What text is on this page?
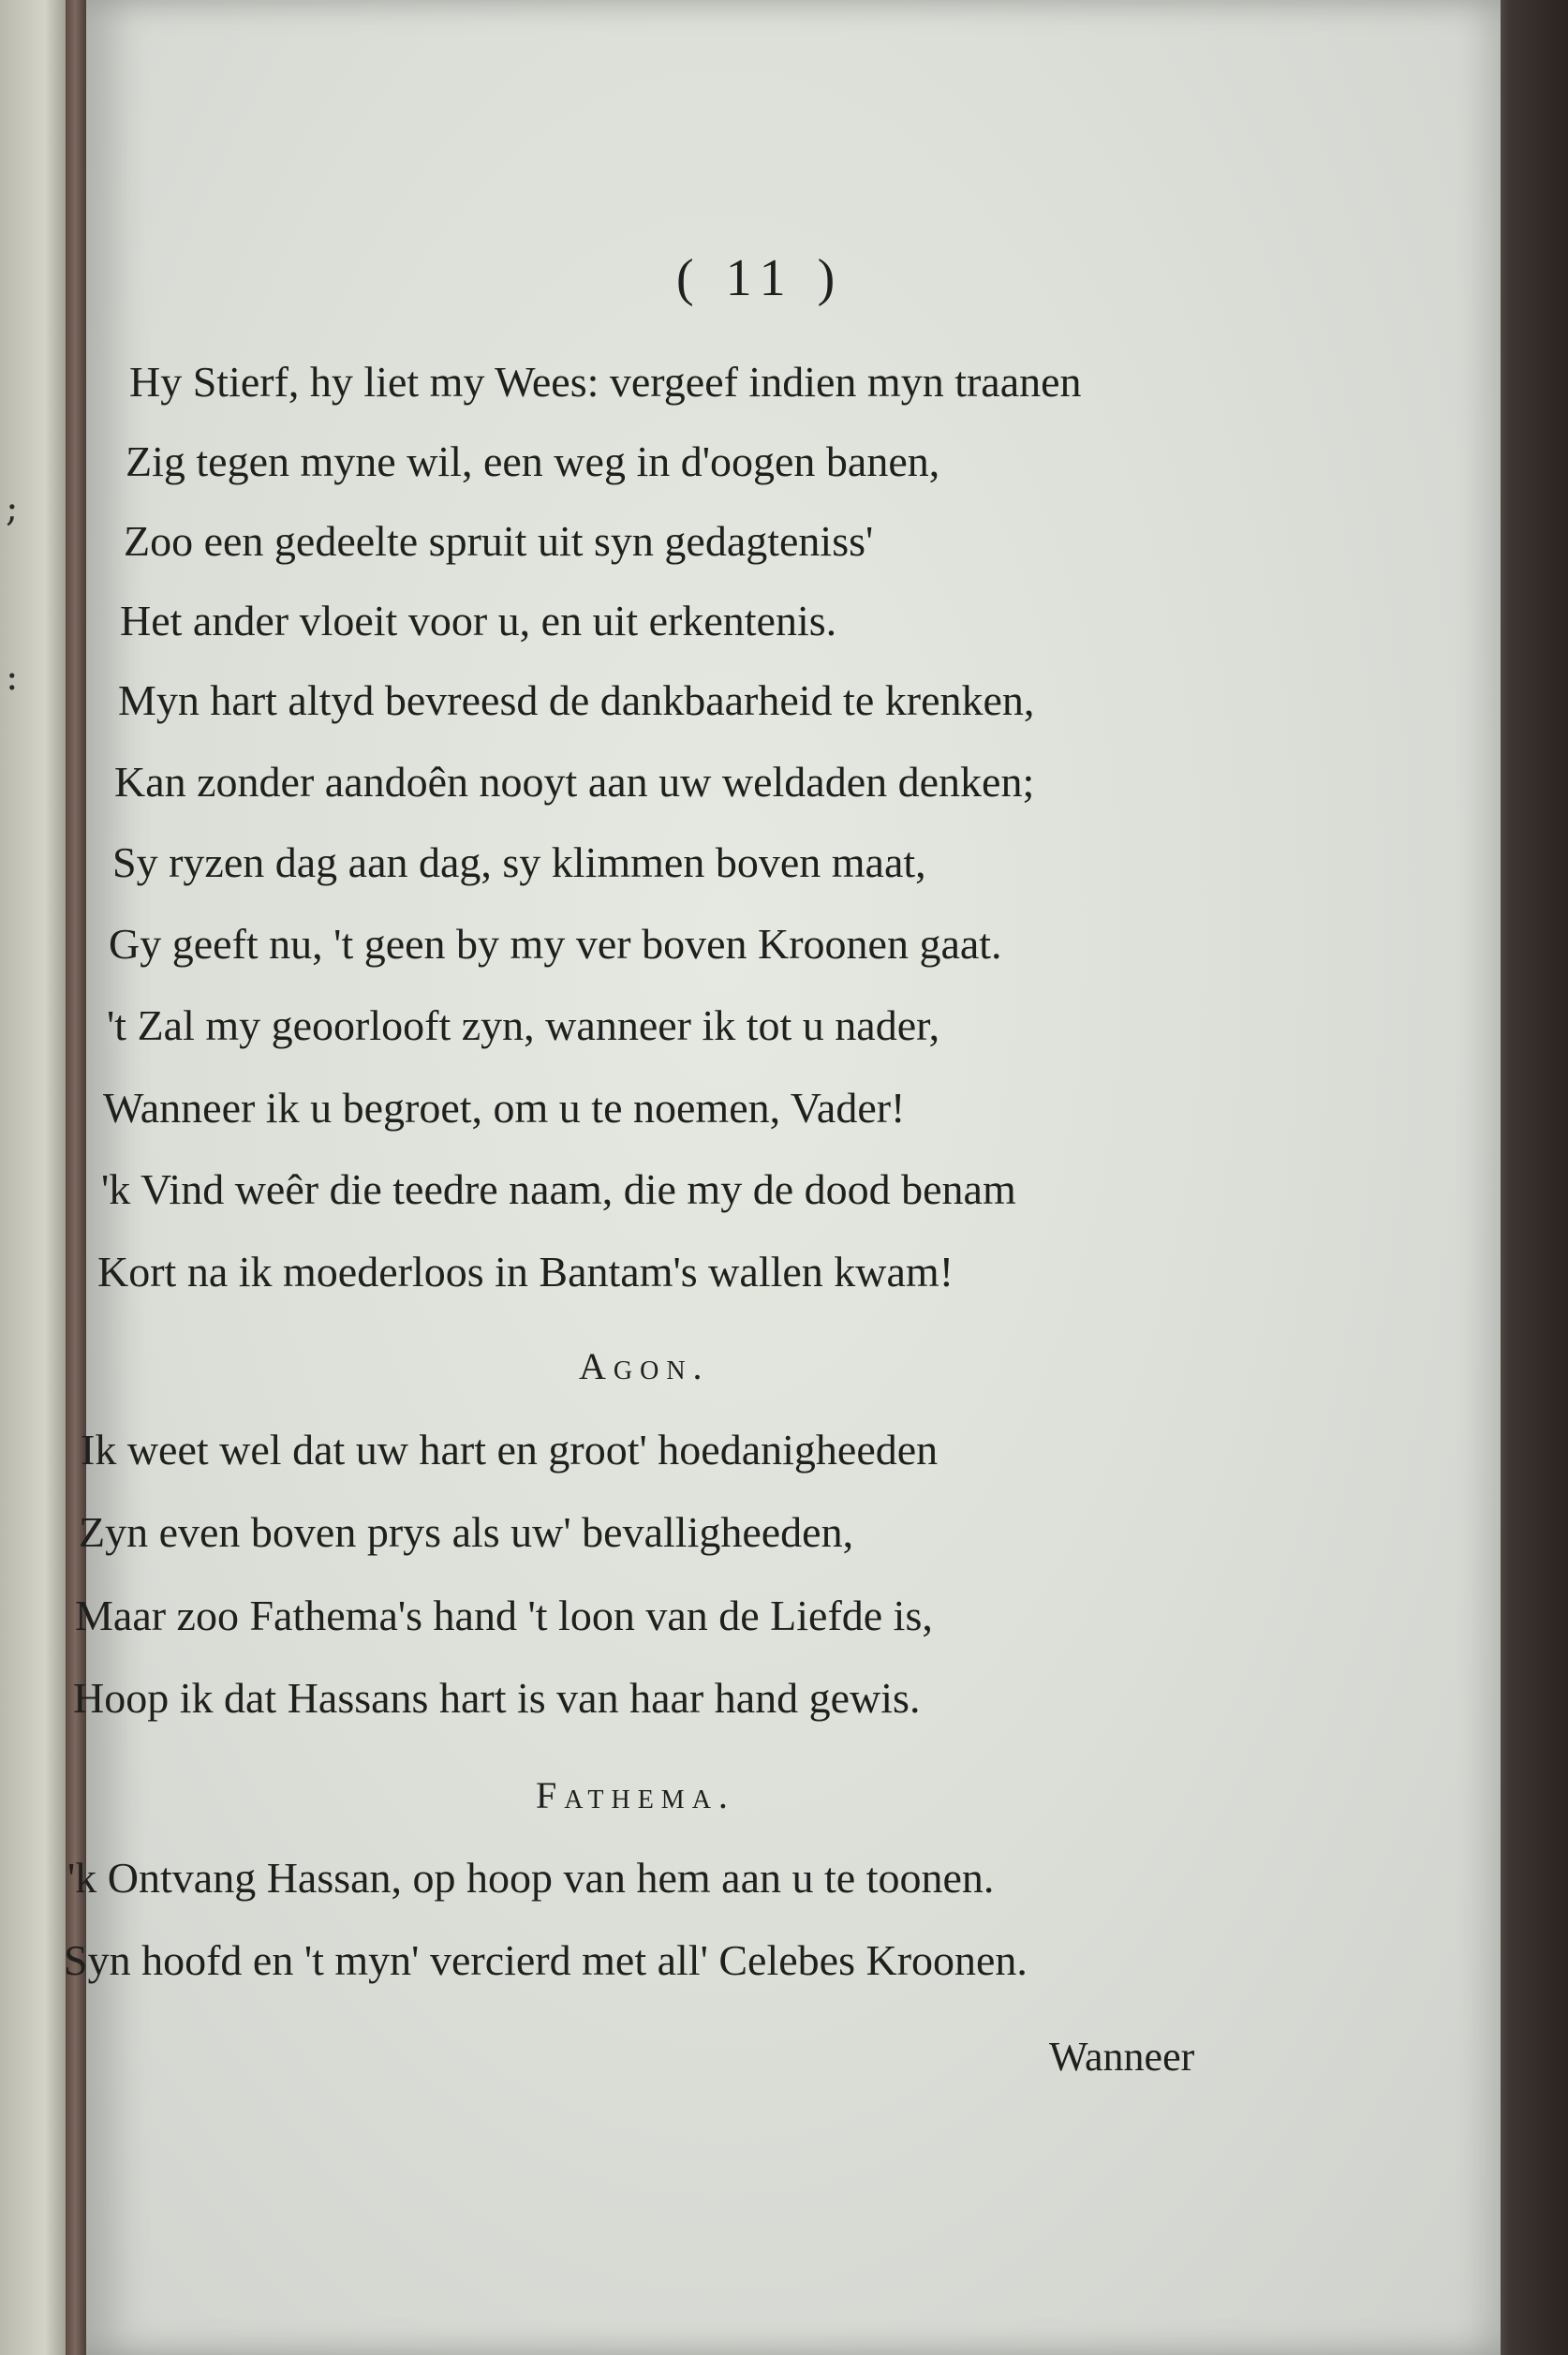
;
:
( 11 )
Hy Stierf, hy liet my Wees: vergeef indien myn traanen
Zig tegen myne wil, een weg in d'oogen banen,
Zoo een gedeelte spruit uit syn gedagteniss'
Het ander vloeit voor u, en uit erkentenis.
Myn hart altyd bevreesd de dankbaarheid te krenken,
Kan zonder aandoên nooyt aan uw weldaden denken;
Sy ryzen dag aan dag, sy klimmen boven maat,
Gy geeft nu, 't geen by my ver boven Kroonen gaat.
't Zal my geoorlooft zyn, wanneer ik tot u nader,
Wanneer ik u begroet, om u te noemen, Vader!
'k Vind weêr die teedre naam, die my de dood benam
Kort na ik moederloos in Bantam's wallen kwam!
Agon.
Ik weet wel dat uw hart en groot' hoedanigheeden
Zyn even boven prys als uw' bevalligheeden,
Maar zoo Fathema's hand 't loon van de Liefde is,
Hoop ik dat Hassans hart is van haar hand gewis.
Fathema.
'k Ontvang Hassan, op hoop van hem aan u te toonen.
Syn hoofd en 't myn' vercierd met all' Celebes Kroonen.
Wanneer
